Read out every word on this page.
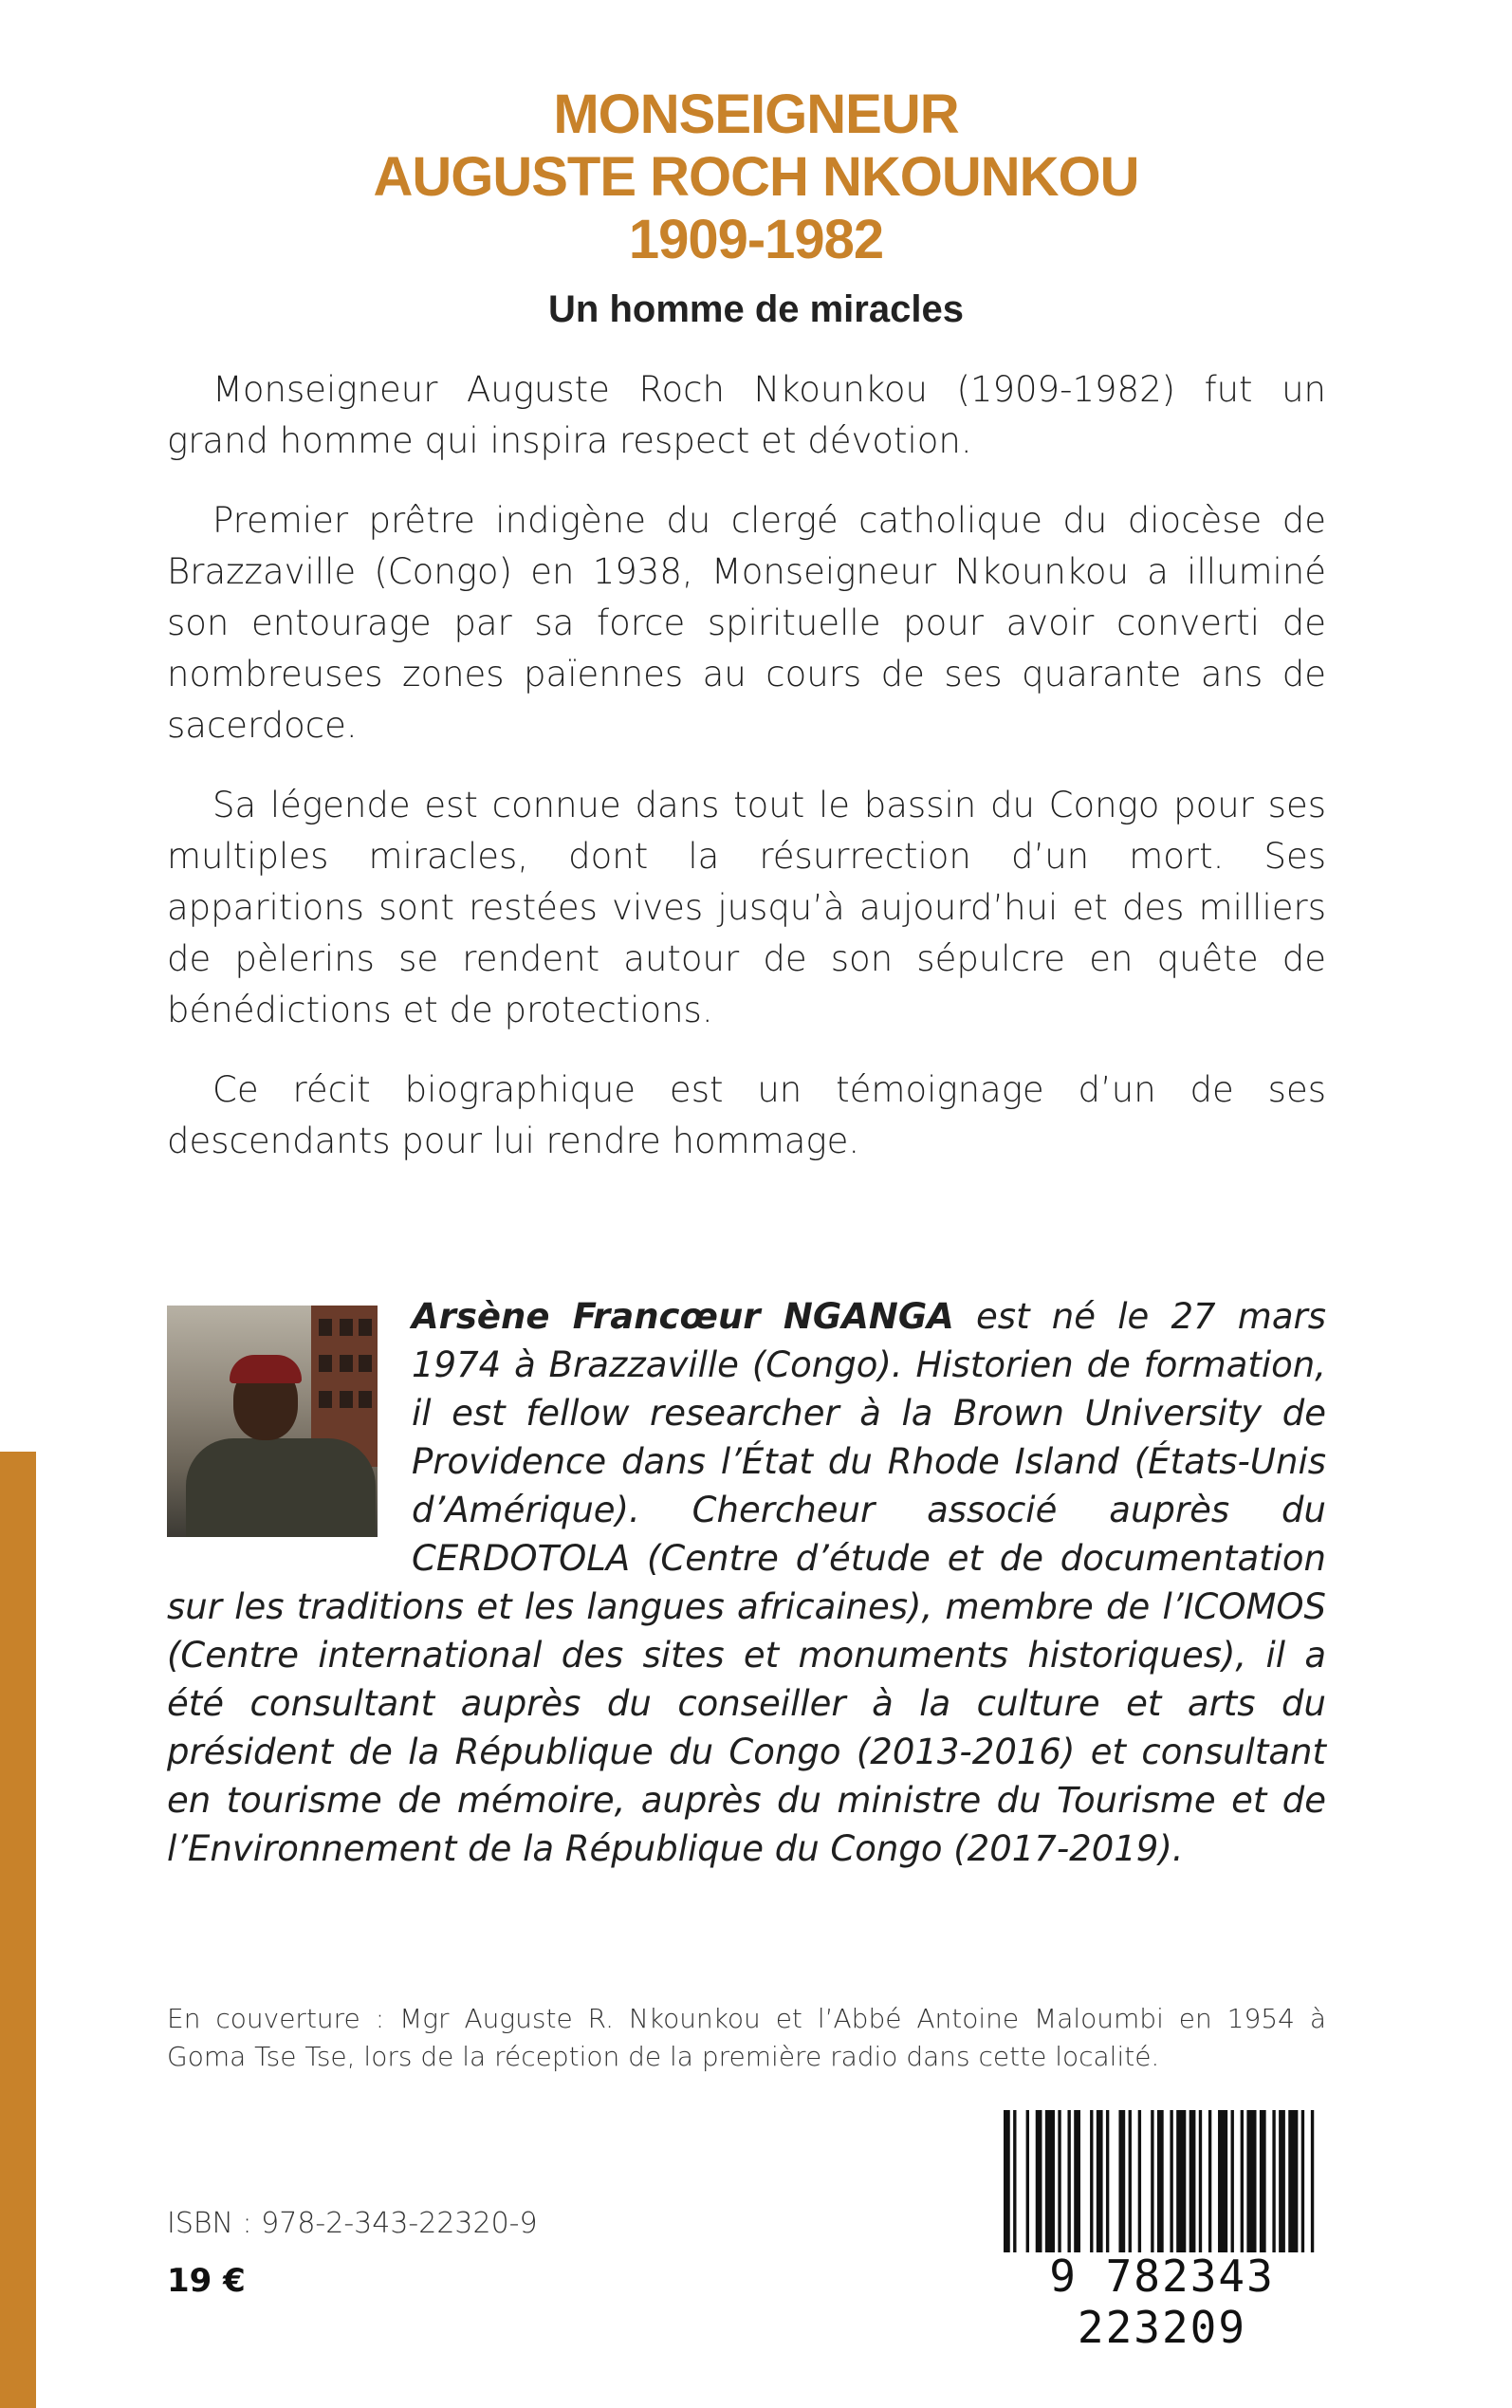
MONSEIGNEUR
AUGUSTE ROCH NKOUNKOU
1909-1982
Un homme de miracles

Monseigneur Auguste Roch Nkounkou (1909-1982) fut un grand homme qui inspira respect et dévotion.

Premier prêtre indigène du clergé catholique du diocèse de Brazzaville (Congo) en 1938, Monseigneur Nkounkou a illuminé son entourage par sa force spirituelle pour avoir converti de nombreuses zones païennes au cours de ses quarante ans de sacerdoce.

Sa légende est connue dans tout le bassin du Congo pour ses multiples miracles, dont la résurrection d’un mort. Ses apparitions sont restées vives jusqu’à aujourd’hui et des milliers de pèlerins se rendent autour de son sépulcre en quête de bénédictions et de protections.

Ce récit biographique est un témoignage d’un de ses descendants pour lui rendre hommage.

Arsène Francœur NGANGA est né le 27 mars 1974 à Brazzaville (Congo). Historien de formation, il est fellow researcher à la Brown University de Providence dans l’État du Rhode Island (États-Unis d’Amérique). Chercheur associé auprès du CERDOTOLA (Centre d’étude et de documentation sur les traditions et les langues africaines), membre de l’ICOMOS (Centre international des sites et monuments historiques), il a été consultant auprès du conseiller à la culture et arts du président de la République du Congo (2013-2016) et consultant en tourisme de mémoire, auprès du ministre du Tourisme et de l’Environnement de la République du Congo (2017-2019).
En couverture : Mgr Auguste R. Nkounkou et l’Abbé Antoine Maloumbi en 1954 à Goma Tse Tse, lors de la réception de la première radio dans cette localité.
ISBN : 978-2-343-22320-9
19 €	9 782343 223209
